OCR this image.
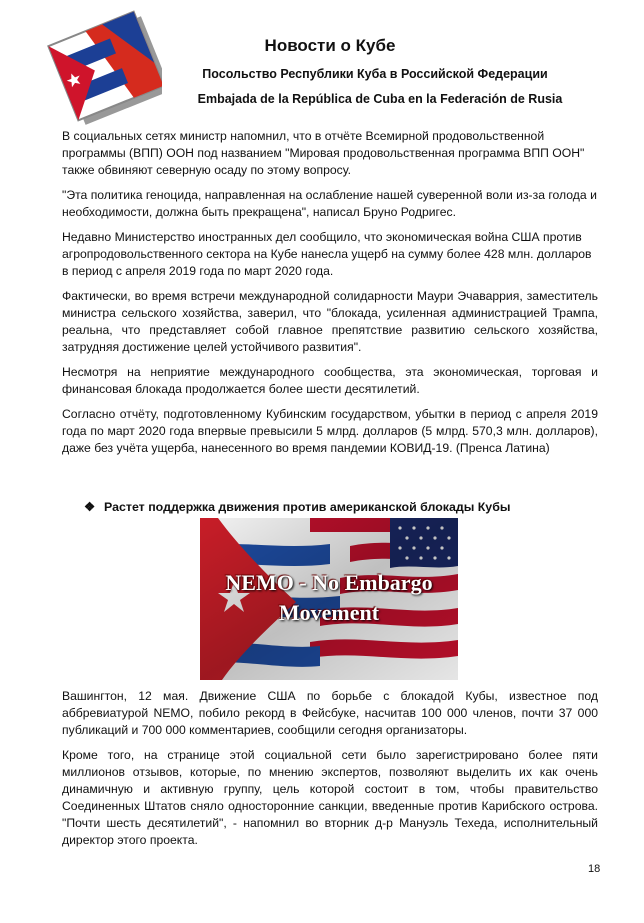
Новости о Кубе

Посольство Республики Куба в Российской Федерации

Embajada de la República de Cuba en la Federación de Rusia

В социальных сетях министр напомнил, что в отчёте Всемирной продовольственной программы (ВПП) ООН под названием "Мировая продовольственная программа ВПП ООН" также обвиняют северную осаду по этому вопросу.

"Эта политика геноцида, направленная на ослабление нашей суверенной воли из-за голода и необходимости, должна быть прекращена", написал Бруно Родригес.

Недавно Министерство иностранных дел сообщило, что экономическая война США против агропродовольственного сектора на Кубе нанесла ущерб на сумму более 428 млн. долларов в период с апреля 2019 года по март 2020 года.

Фактически, во время встречи международной солидарности Маури Эчаваррия, заместитель министра сельского хозяйства, заверил, что "блокада, усиленная администрацией Трампа, реальна, что представляет собой главное препятствие развитию сельского хозяйства, затрудняя достижение целей устойчивого развития".

Несмотря на неприятие международного сообщества, эта экономическая, торговая и финансовая блокада продолжается более шести десятилетий.

Согласно отчёту, подготовленному Кубинским государством, убытки в период с апреля 2019 года по март 2020 года впервые превысили 5 млрд. долларов (5 млрд. 570,3 млн. долларов), даже без учёта ущерба, нанесенного во время пандемии КОВИД-19. (Пренса Латина)

❖ Растет поддержка движения против американской блокады Кубы

NEMO - No Embargo
Movement

Вашингтон, 12 мая. Движение США по борьбе с блокадой Кубы, известное под аббревиатурой NEMO, побило рекорд в Фейсбуке, насчитав 100 000 членов, почти 37 000 публикаций и 700 000 комментариев, сообщили сегодня организаторы.

Кроме того, на странице этой социальной сети было зарегистрировано более пяти миллионов отзывов, которые, по мнению экспертов, позволяют выделить их как очень динамичную и активную группу, цель которой состоит в том, чтобы правительство Соединенных Штатов сняло односторонние санкции, введенные против Карибского острова. "Почти шесть десятилетий", - напомнил во вторник д-р Мануэль Техеда, исполнительный директор этого проекта.

18
